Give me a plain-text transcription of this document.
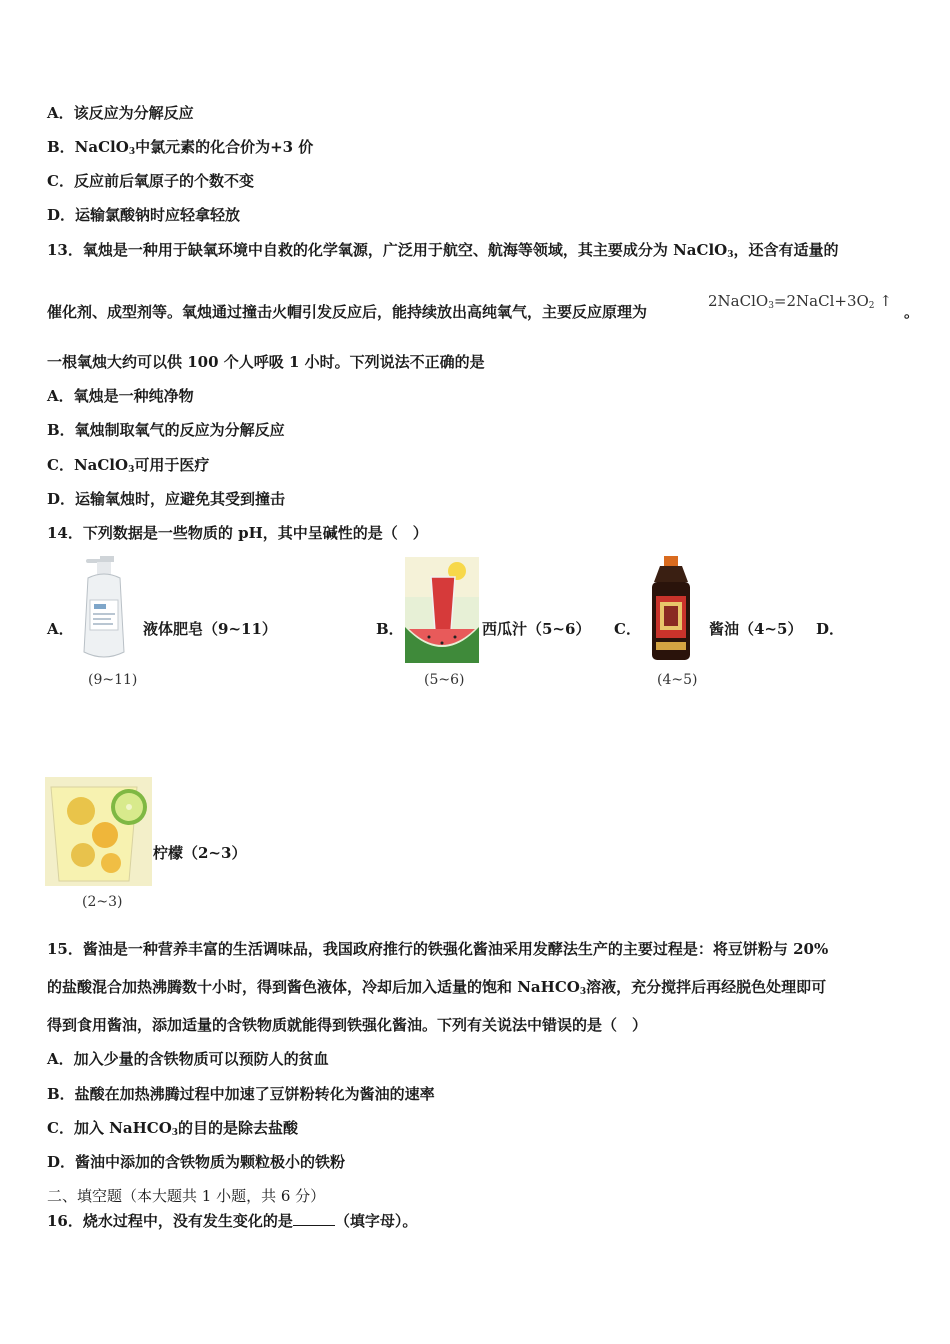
A．该反应为分解反应
B．NaClO$_3$中氯元素的化合价为+3 价
C．反应前后氧原子的个数不变
D．运输氯酸钠时应轻拿轻放
13．氧烛是一种用于缺氧环境中自救的化学氧源，广泛用于航空、航海等领域，其主要成分为 NaClO$_3$，还含有适量的
催化剂、成型剂等。氧烛通过撞击火帽引发反应后，能持续放出高纯氧气，主要反应原理为
$2NaClO_3=2NaCl+3O_2$ ↑
。
一根氧烛大约可以供 100 个人呼吸 1 小时。下列说法不正确的是
A．氧烛是一种纯净物
B．氧烛制取氧气的反应为分解反应
C．NaClO$_3$可用于医疗
D．运输氧烛时，应避免其受到撞击
14．下列数据是一些物质的 pH，其中呈碱性的是（　）
A．	液体肥皂（9~11）
(9~11)
B．	西瓜汁（5~6）
(5~6)
C．	酱油（4~5）
(4~5)
D．
柠檬（2~3）
(2~3)
15．酱油是一种营养丰富的生活调味品，我国政府推行的铁强化酱油采用发酵法生产的主要过程是：将豆饼粉与 20%
的盐酸混合加热沸腾数十小时，得到酱色液体，冷却后加入适量的饱和 NaHCO$_3$溶液，充分搅拌后再经脱色处理即可
得到食用酱油，添加适量的含铁物质就能得到铁强化酱油。下列有关说法中错误的是（　）
A．加入少量的含铁物质可以预防人的贫血
B．盐酸在加热沸腾过程中加速了豆饼粉转化为酱油的速率
C．加入 NaHCO$_3$的目的是除去盐酸
D．酱油中添加的含铁物质为颗粒极小的铁粉
二、填空题（本大题共 1 小题，共 6 分）
16．烧水过程中，没有发生变化的是	（填字母）。
